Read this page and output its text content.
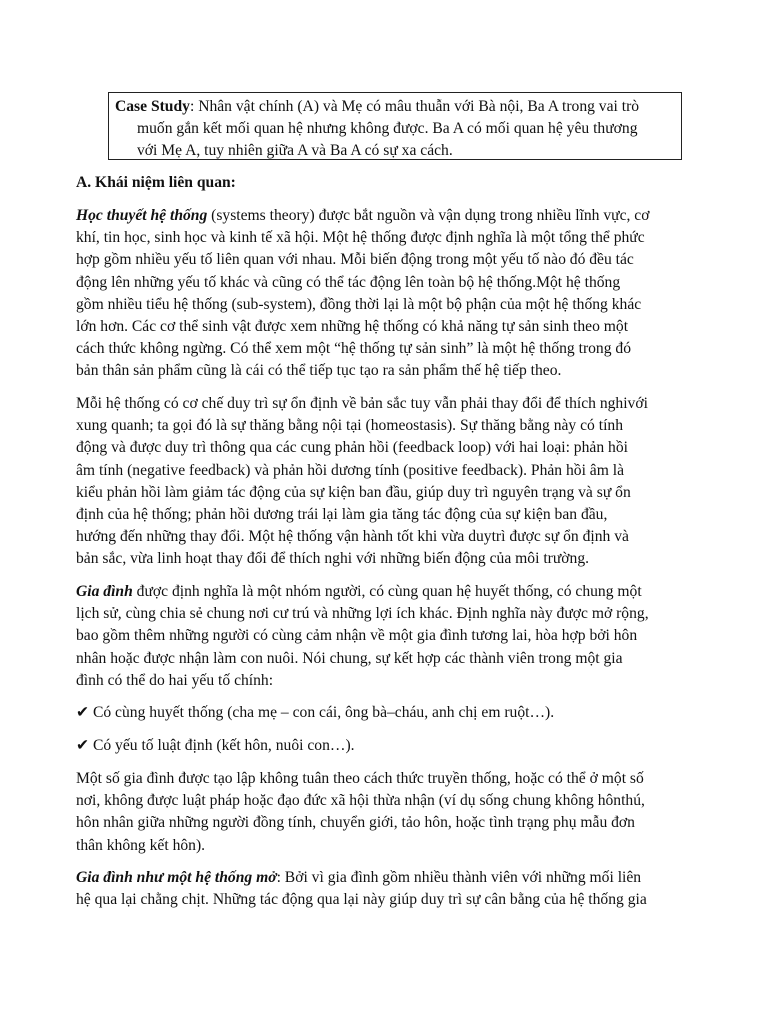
Case Study: Nhân vật chính (A) và Mẹ có mâu thuẫn với Bà nội, Ba A trong vai trò
muốn gắn kết mối quan hệ nhưng không được. Ba A có mối quan hệ yêu thương
với Mẹ A, tuy nhiên giữa A và Ba A có sự xa cách.
A. Khái niệm liên quan:
Học thuyết hệ thống (systems theory) được bắt nguồn và vận dụng trong nhiều lĩnh vực, cơ
khí, tin học, sinh học và kinh tế xã hội. Một hệ thống được định nghĩa là một tổng thể phức
hợp gồm nhiều yếu tố liên quan với nhau. Mỗi biến động trong một yếu tố nào đó đều tác
động lên những yếu tố khác và cũng có thể tác động lên toàn bộ hệ thống.Một hệ thống
gồm nhiều tiểu hệ thống (sub-system), đồng thời lại là một bộ phận của một hệ thống khác
lớn hơn. Các cơ thể sinh vật được xem những hệ thống có khả năng tự sản sinh theo một
cách thức không ngừng. Có thể xem một “hệ thống tự sản sinh” là một hệ thống trong đó
bản thân sản phẩm cũng là cái có thể tiếp tục tạo ra sản phẩm thế hệ tiếp theo.
Mỗi hệ thống có cơ chế duy trì sự ổn định về bản sắc tuy vẫn phải thay đổi để thích nghivới
xung quanh; ta gọi đó là sự thăng bằng nội tại (homeostasis). Sự thăng bằng này có tính
động và được duy trì thông qua các cung phản hồi (feedback loop) với hai loại: phản hồi
âm tính (negative feedback) và phản hồi dương tính (positive feedback). Phản hồi âm là
kiểu phản hồi làm giảm tác động của sự kiện ban đầu, giúp duy trì nguyên trạng và sự ổn
định của hệ thống; phản hồi dương trái lại làm gia tăng tác động của sự kiện ban đầu,
hướng đến những thay đổi. Một hệ thống vận hành tốt khi vừa duytrì được sự ổn định và
bản sắc, vừa linh hoạt thay đổi để thích nghi với những biến động của môi trường.
Gia đình được định nghĩa là một nhóm người, có cùng quan hệ huyết thống, có chung một
lịch sử, cùng chia sẻ chung nơi cư trú và những lợi ích khác. Định nghĩa này được mở rộng,
bao gồm thêm những người có cùng cảm nhận về một gia đình tương lai, hòa hợp bởi hôn
nhân hoặc được nhận làm con nuôi. Nói chung, sự kết hợp các thành viên trong một gia
đình có thể do hai yếu tố chính:
✔ Có cùng huyết thống (cha mẹ – con cái, ông bà–cháu, anh chị em ruột…).
✔ Có yếu tố luật định (kết hôn, nuôi con…).
Một số gia đình được tạo lập không tuân theo cách thức truyền thống, hoặc có thể ở một số
nơi, không được luật pháp hoặc đạo đức xã hội thừa nhận (ví dụ sống chung không hônthú,
hôn nhân giữa những người đồng tính, chuyển giới, tảo hôn, hoặc tình trạng phụ mẫu đơn
thân không kết hôn).
Gia đình như một hệ thống mở: Bởi vì gia đình gồm nhiều thành viên với những mối liên
hệ qua lại chằng chịt. Những tác động qua lại này giúp duy trì sự cân bằng của hệ thống gia
